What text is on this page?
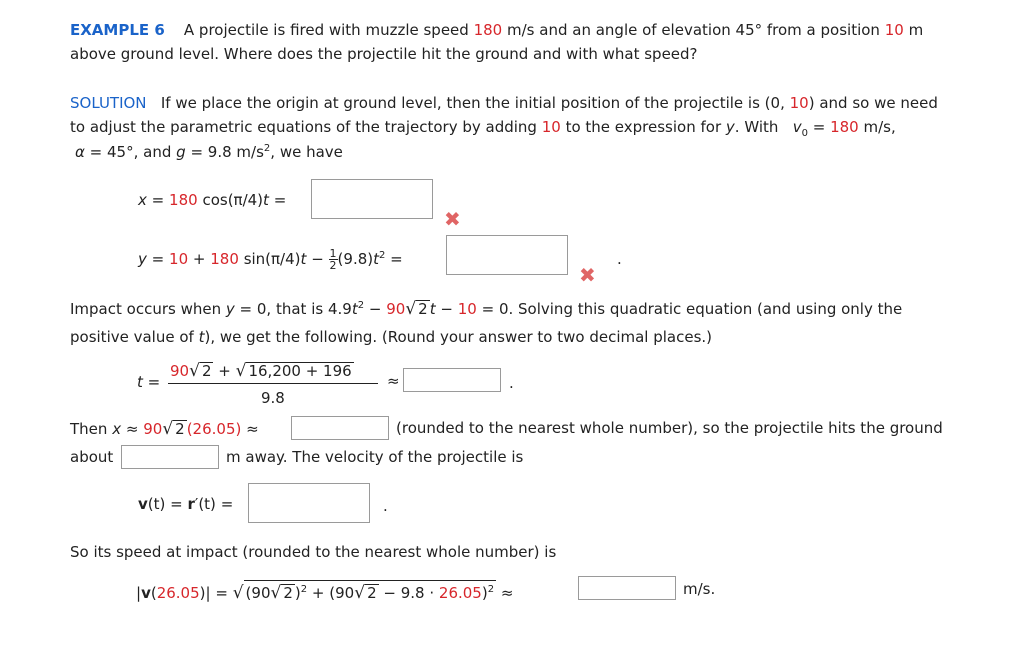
EXAMPLE 6 A projectile is fired with muzzle speed 180 m/s and an angle of elevation 45° from a position 10 m
above ground level. Where does the projectile hit the ground and with what speed?
SOLUTION If we place the origin at ground level, then the initial position of the projectile is (0, 10) and so we need
to adjust the parametric equations of the trajectory by adding 10 to the expression for y. With $v_0 = 180$ m/s,
α = 45°, and g = 9.8 $m/s^2$, we have
x = 180 cos(π/4)t =
✖
y = 10 + 180 $\sin(\pi/4)t - \frac{1}{2} (9.8)t^2$ =
✖
.
Impact occurs when y = 0, that is $4.9t^2 - 90√$ 2 t − 10 = 0. Solving this quadratic equation (and using only the
positive value of t), we get the following. (Round your answer to two decimal places.)
t =
90√ 2 + √ 16,200 + 196
9.8
≈	.
Then x ≈ 90√ 2 (26.05) ≈	(rounded to the nearest whole number), so the projectile hits the ground
about	m away. The velocity of the projectile is
v(t) = r′(t) =	.
So its speed at impact (rounded to the nearest whole number) is
|v(26.05)| = √ (90√ 2 )$^2$ + (90√ 2 − 9.8 · 26.05)$^2$ ≈	m/s.
